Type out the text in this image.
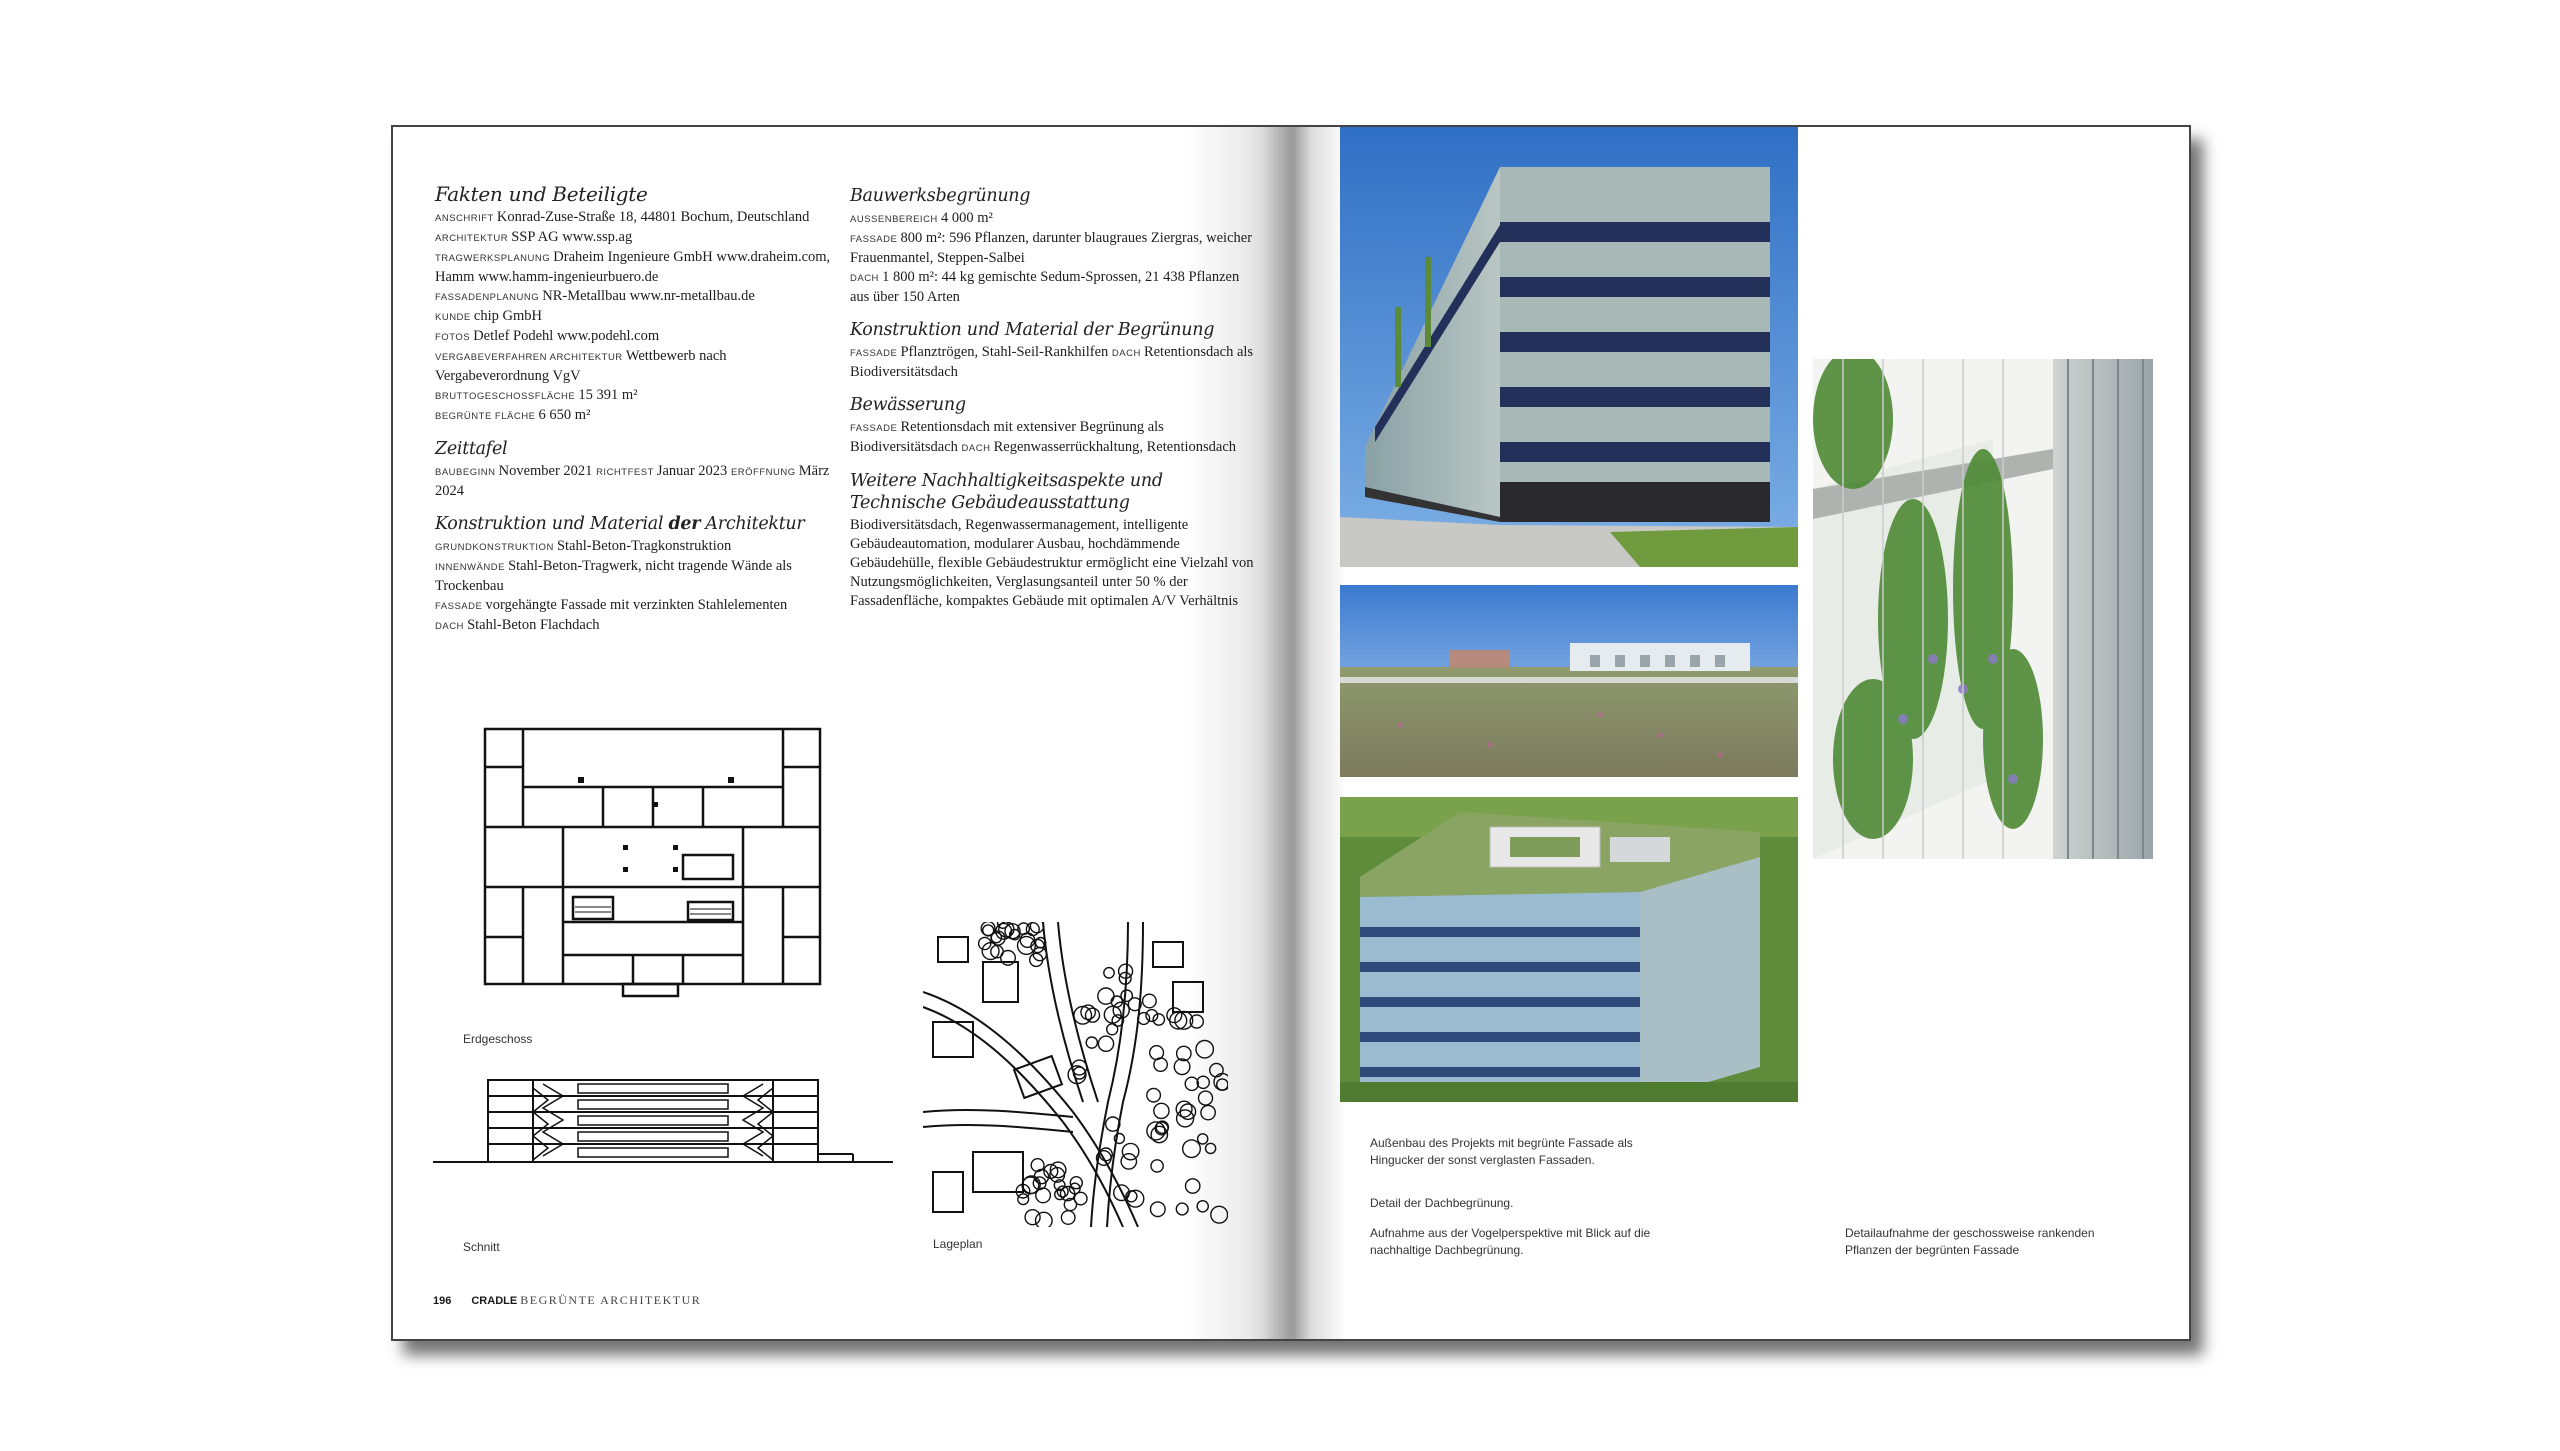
Fakten und Beteiligte

ANSCHRIFT Konrad-Zuse-Straße 18, 44801 Bochum, Deutschland
ARCHITEKTUR SSP AG www.ssp.ag
TRAGWERKSPLANUNG Draheim Ingenieure GmbH www.draheim.com, Hamm www.hamm-ingenieurbuero.de
FASSADENPLANUNG NR-Metallbau www.nr-metallbau.de
KUNDE chip GmbH
FOTOS Detlef Podehl www.podehl.com
VERGABEVERFAHREN ARCHITEKTUR Wettbewerb nach Vergabeverordnung VgV
BRUTTOGESCHOSSFLÄCHE 15 391 m²
BEGRÜNTE FLÄCHE 6 650 m²

Zeittafel

BAUBEGINN November 2021 RICHTFEST Januar 2023 ERÖFFNUNG März 2024

Konstruktion und Material der Architektur

GRUNDKONSTRUKTION Stahl-Beton-Tragkonstruktion
INNENWÄNDE Stahl-Beton-Tragwerk, nicht tragende Wände als Trockenbau
FASSADE vorgehängte Fassade mit verzinkten Stahlelementen
DACH Stahl-Beton Flachdach

Bauwerksbegrünung

AUSSENBEREICH 4 000 m²
FASSADE 800 m²: 596 Pflanzen, darunter blaugraues Ziergras, weicher Frauenmantel, Steppen-Salbei
DACH 1 800 m²: 44 kg gemischte Sedum-Sprossen, 21 438 Pflanzen aus über 150 Arten

Konstruktion und Material der Begrünung

FASSADE Pflanztrögen, Stahl-Seil-Rankhilfen DACH Retentionsdach als Biodiversitätsdach

Bewässerung

FASSADE Retentionsdach mit extensiver Begrünung als Biodiversitätsdach DACH Regenwasserrückhaltung, Retentionsdach

Weitere Nachhaltigkeitsaspekte und Technische Gebäudeausstattung

Biodiversitätsdach, Regenwassermanagement, intelligente Gebäudeautomation, modularer Ausbau, hochdämmende Gebäudehülle, flexible Gebäudestruktur ermöglicht eine Vielzahl von Nutzungsmöglichkeiten, Verglasungsanteil unter 50 % der Fassadenfläche, kompaktes Gebäude mit optimalen A/V Verhältnis

Erdgeschoss
Schnitt	Lageplan
196 CRADLE BEGRÜNTE ARCHITEKTUR
Außenbau des Projekts mit begrünte Fassade als Hingucker der sonst verglasten Fassaden.
Detail der Dachbegrünung.
Aufnahme aus der Vogelperspektive mit Blick auf die nachhaltige Dachbegrünung.
Detailaufnahme der geschossweise rankenden Pflanzen der begrünten Fassade
